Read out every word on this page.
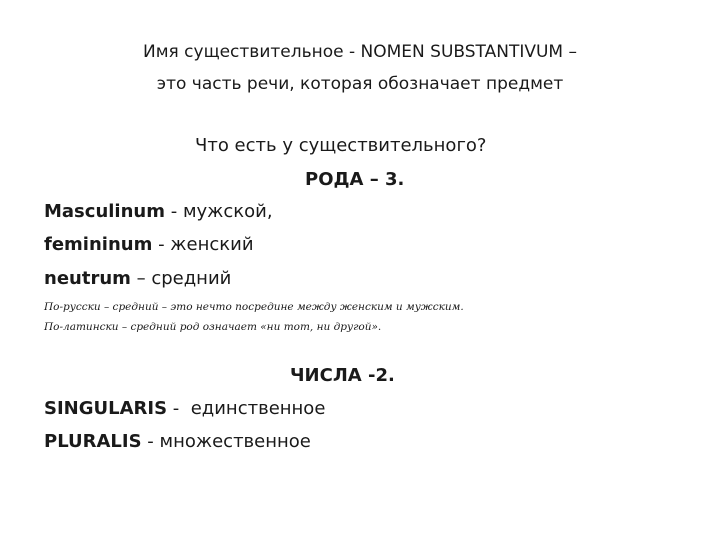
Имя существительное - NOMEN SUBSTANTIVUM –
это часть речи, которая обозначает предмет
Что есть у существительного?
РОДА – 3.
Masculinum - мужской,
femininum - женский
neutrum – средний
По-русски – средний – это нечто посредине между женским и мужским.
По-латински – средний род означает «ни тот, ни другой».
ЧИСЛА -2.
SINGULARIS -  единственное
PLURALIS - множественное
